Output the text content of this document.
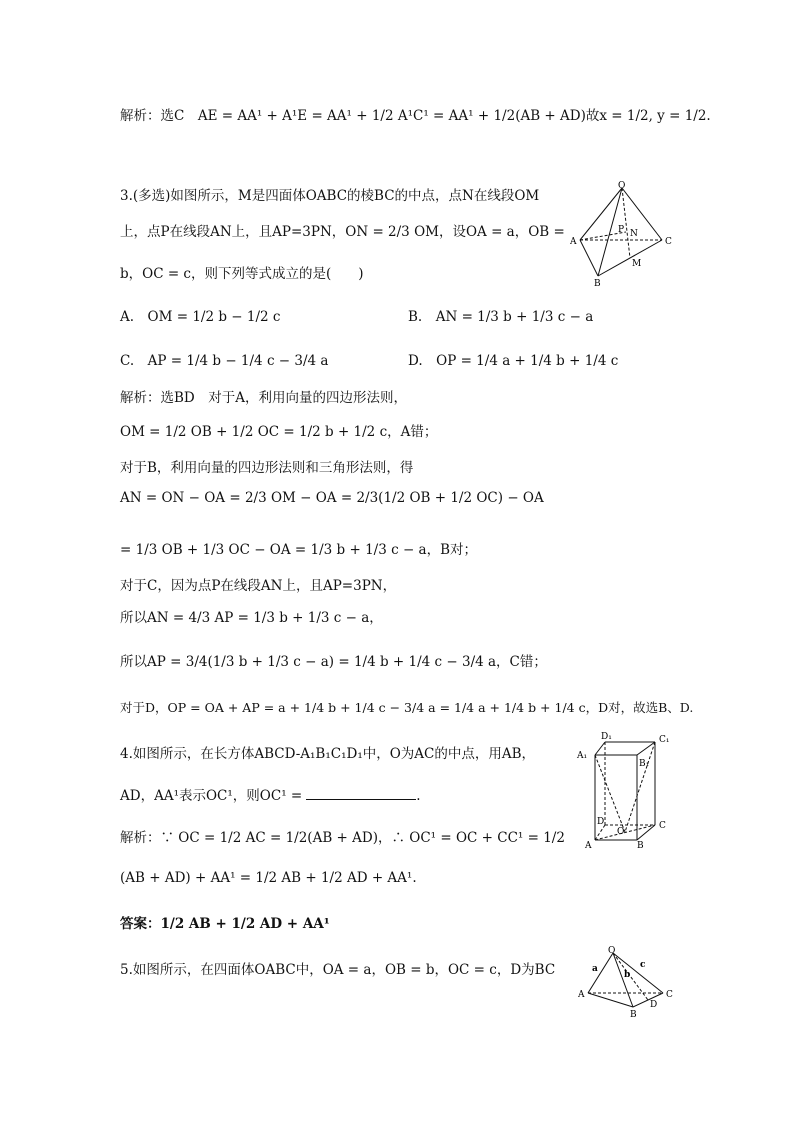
解析：选C　AE = AA¹ + A¹E = AA¹ + 1/2 A¹C¹ = AA¹ + 1/2(AB + AD)故x = 1/2, y = 1/2.
3.(多选)如图所示，M是四面体OABC的棱BC的中点，点N在线段OM
上，点P在线段AN上，且AP=3PN，ON = 2/3 OM，设OA = a，OB =
b，OC = c，则下列等式成立的是(　　)
A.　OM = 1/2 b − 1/2 c	B.　AN = 1/3 b + 1/3 c − a
C.　AP = 1/4 b − 1/4 c − 3/4 a	D.　OP = 1/4 a + 1/4 b + 1/4 c
解析：选BD　对于A，利用向量的四边形法则，
OM = 1/2 OB + 1/2 OC = 1/2 b + 1/2 c，A错；
对于B，利用向量的四边形法则和三角形法则，得
AN = ON − OA = 2/3 OM − OA = 2/3(1/2 OB + 1/2 OC) − OA
= 1/3 OB + 1/3 OC − OA = 1/3 b + 1/3 c − a，B对；
对于C，因为点P在线段AN上，且AP=3PN，
所以AN = 4/3 AP = 1/3 b + 1/3 c − a，
所以AP = 3/4(1/3 b + 1/3 c − a) = 1/4 b + 1/4 c − 3/4 a，C错；
对于D，OP = OA + AP = a + 1/4 b + 1/4 c − 3/4 a = 1/4 a + 1/4 b + 1/4 c，D对，故选B、D.
4.如图所示，在长方体ABCD-A₁B₁C₁D₁中，O为AC的中点，用AB，
AD，AA¹表示OC¹，则OC¹ =	.
解析：∵ OC = 1/2 AC = 1/2(AB + AD)，∴ OC¹ = OC + CC¹ = 1/2
(AB + AD) + AA¹ = 1/2 AB + 1/2 AD + AA¹.
答案：1/2 AB + 1/2 AD + AA¹
5.如图所示，在四面体OABC中，OA = a，OB = b，OC = c，D为BC
O
A
B
C
M
N
P
D₁	C₁
A₁
B₁
D	C
A	B
O
O
A
B
C
D
a
b
c
